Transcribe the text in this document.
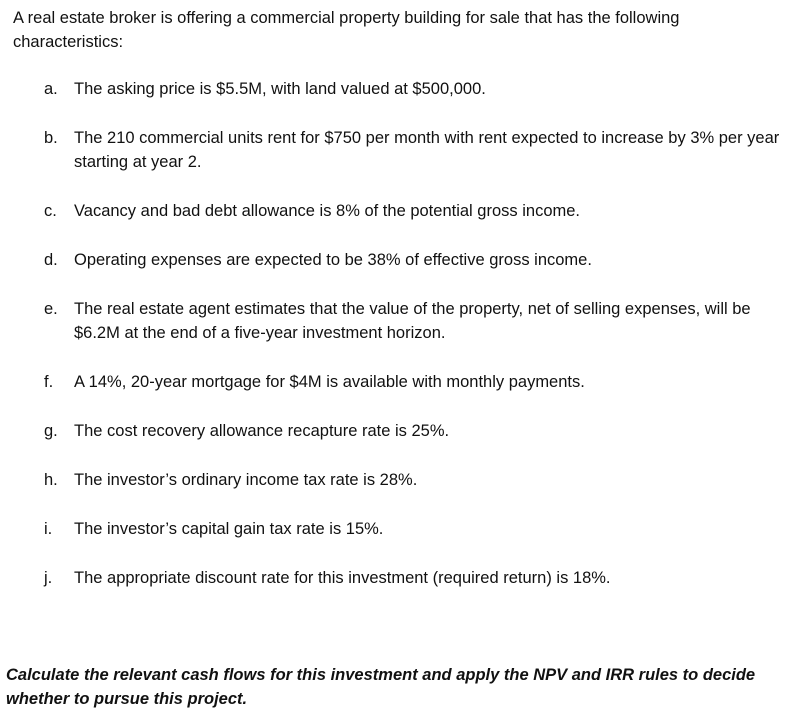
A real estate broker is offering a commercial property building for sale that has the following characteristics:

a. The asking price is $5.5M, with land valued at $500,000.
b. The 210 commercial units rent for $750 per month with rent expected to increase by 3% per year starting at year 2.
c.	Vacancy and bad debt allowance is 8% of the potential gross income.
d. Operating expenses are expected to be 38% of effective gross income.
e. The real estate agent estimates that the value of the property, net of selling expenses, will be $6.2M at the end of a five-year investment horizon.
f.	A 14%, 20-year mortgage for $4M is available with monthly payments.
g. The cost recovery allowance recapture rate is 25%.
h. The investor’s ordinary income tax rate is 28%.
i.	The investor’s capital gain tax rate is 15%.
j.	The appropriate discount rate for this investment (required return) is 18%.

Calculate the relevant cash flows for this investment and apply the NPV and IRR rules to decide whether to pursue this project.
